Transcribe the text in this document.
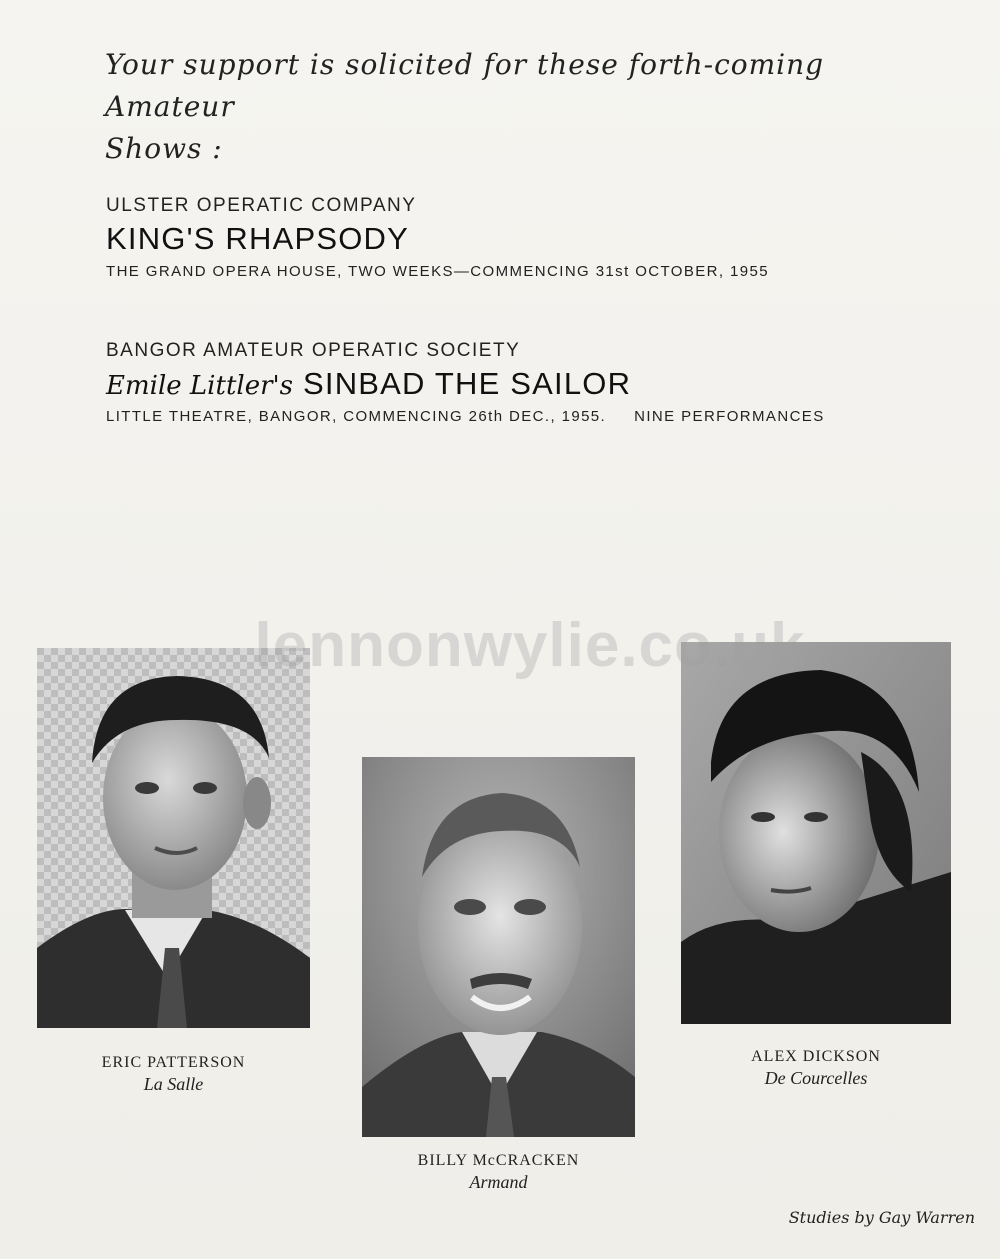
Your support is solicited for these forth-coming Amateur
Shows :
ULSTER OPERATIC COMPANY
KING'S RHAPSODY
THE GRAND OPERA HOUSE, TWO WEEKS—COMMENCING 31st OCTOBER, 1955
BANGOR AMATEUR OPERATIC SOCIETY
Emile Littler's SINBAD THE SAILOR
LITTLE THEATRE, BANGOR, COMMENCING 26th DEC., 1955. NINE PERFORMANCES
ERIC PATTERSON
La Salle
BILLY McCRACKEN
Armand
ALEX DICKSON
De Courcelles
Studies by Gay Warren
lennonwylie.co.uk
